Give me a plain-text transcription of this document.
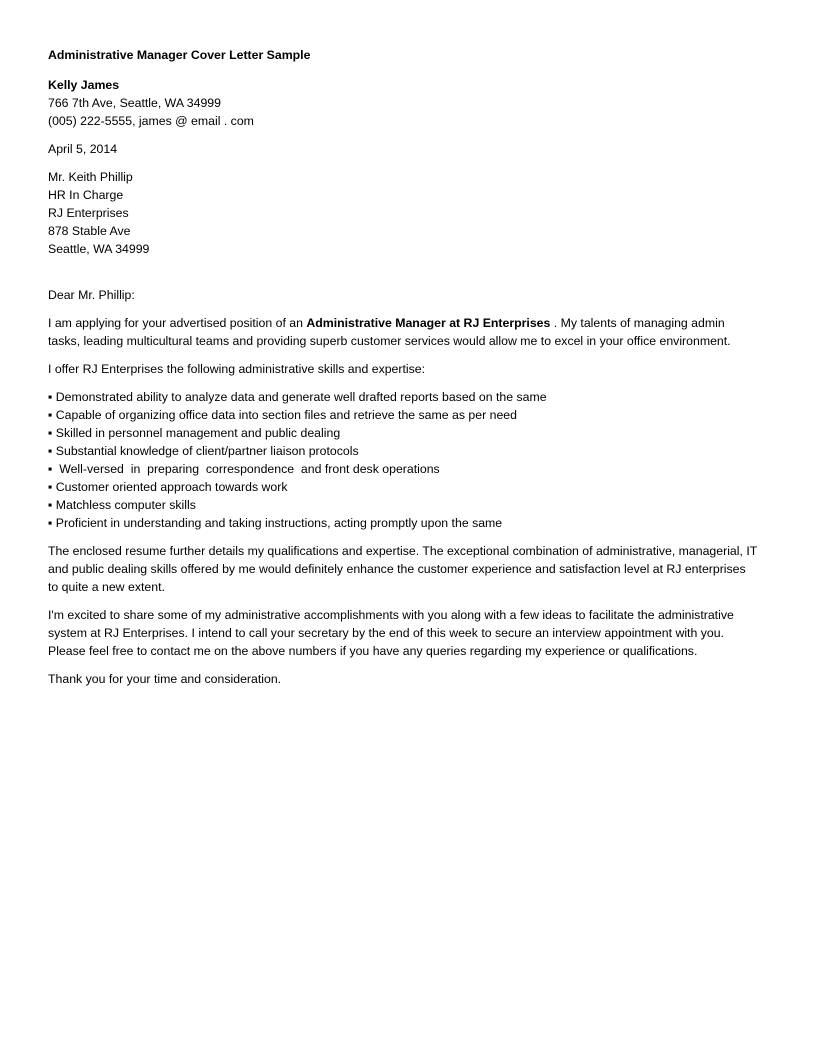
Administrative Manager Cover Letter Sample
Kelly James
766 7th Ave, Seattle, WA 34999
(005) 222-5555, james @ email . com
April 5, 2014
Mr. Keith Phillip
HR In Charge
RJ Enterprises
878 Stable Ave
Seattle, WA 34999
Dear Mr. Phillip:
I am applying for your advertised position of an Administrative Manager at RJ Enterprises . My talents of managing admin tasks, leading multicultural teams and providing superb customer services would allow me to excel in your office environment.
I offer RJ Enterprises the following administrative skills and expertise:
▪ Demonstrated ability to analyze data and generate well drafted reports based on the same
▪ Capable of organizing office data into section files and retrieve the same as per need
▪ Skilled in personnel management and public dealing
▪ Substantial knowledge of client/partner liaison protocols
▪  Well-versed  in  preparing  correspondence  and front desk operations
▪ Customer oriented approach towards work
▪ Matchless computer skills
▪ Proficient in understanding and taking instructions, acting promptly upon the same
The enclosed resume further details my qualifications and expertise. The exceptional combination of administrative, managerial, IT and public dealing skills offered by me would definitely enhance the customer experience and satisfaction level at RJ enterprises to quite a new extent.
I'm excited to share some of my administrative accomplishments with you along with a few ideas to facilitate the administrative system at RJ Enterprises. I intend to call your secretary by the end of this week to secure an interview appointment with you. Please feel free to contact me on the above numbers if you have any queries regarding my experience or qualifications.
Thank you for your time and consideration.
